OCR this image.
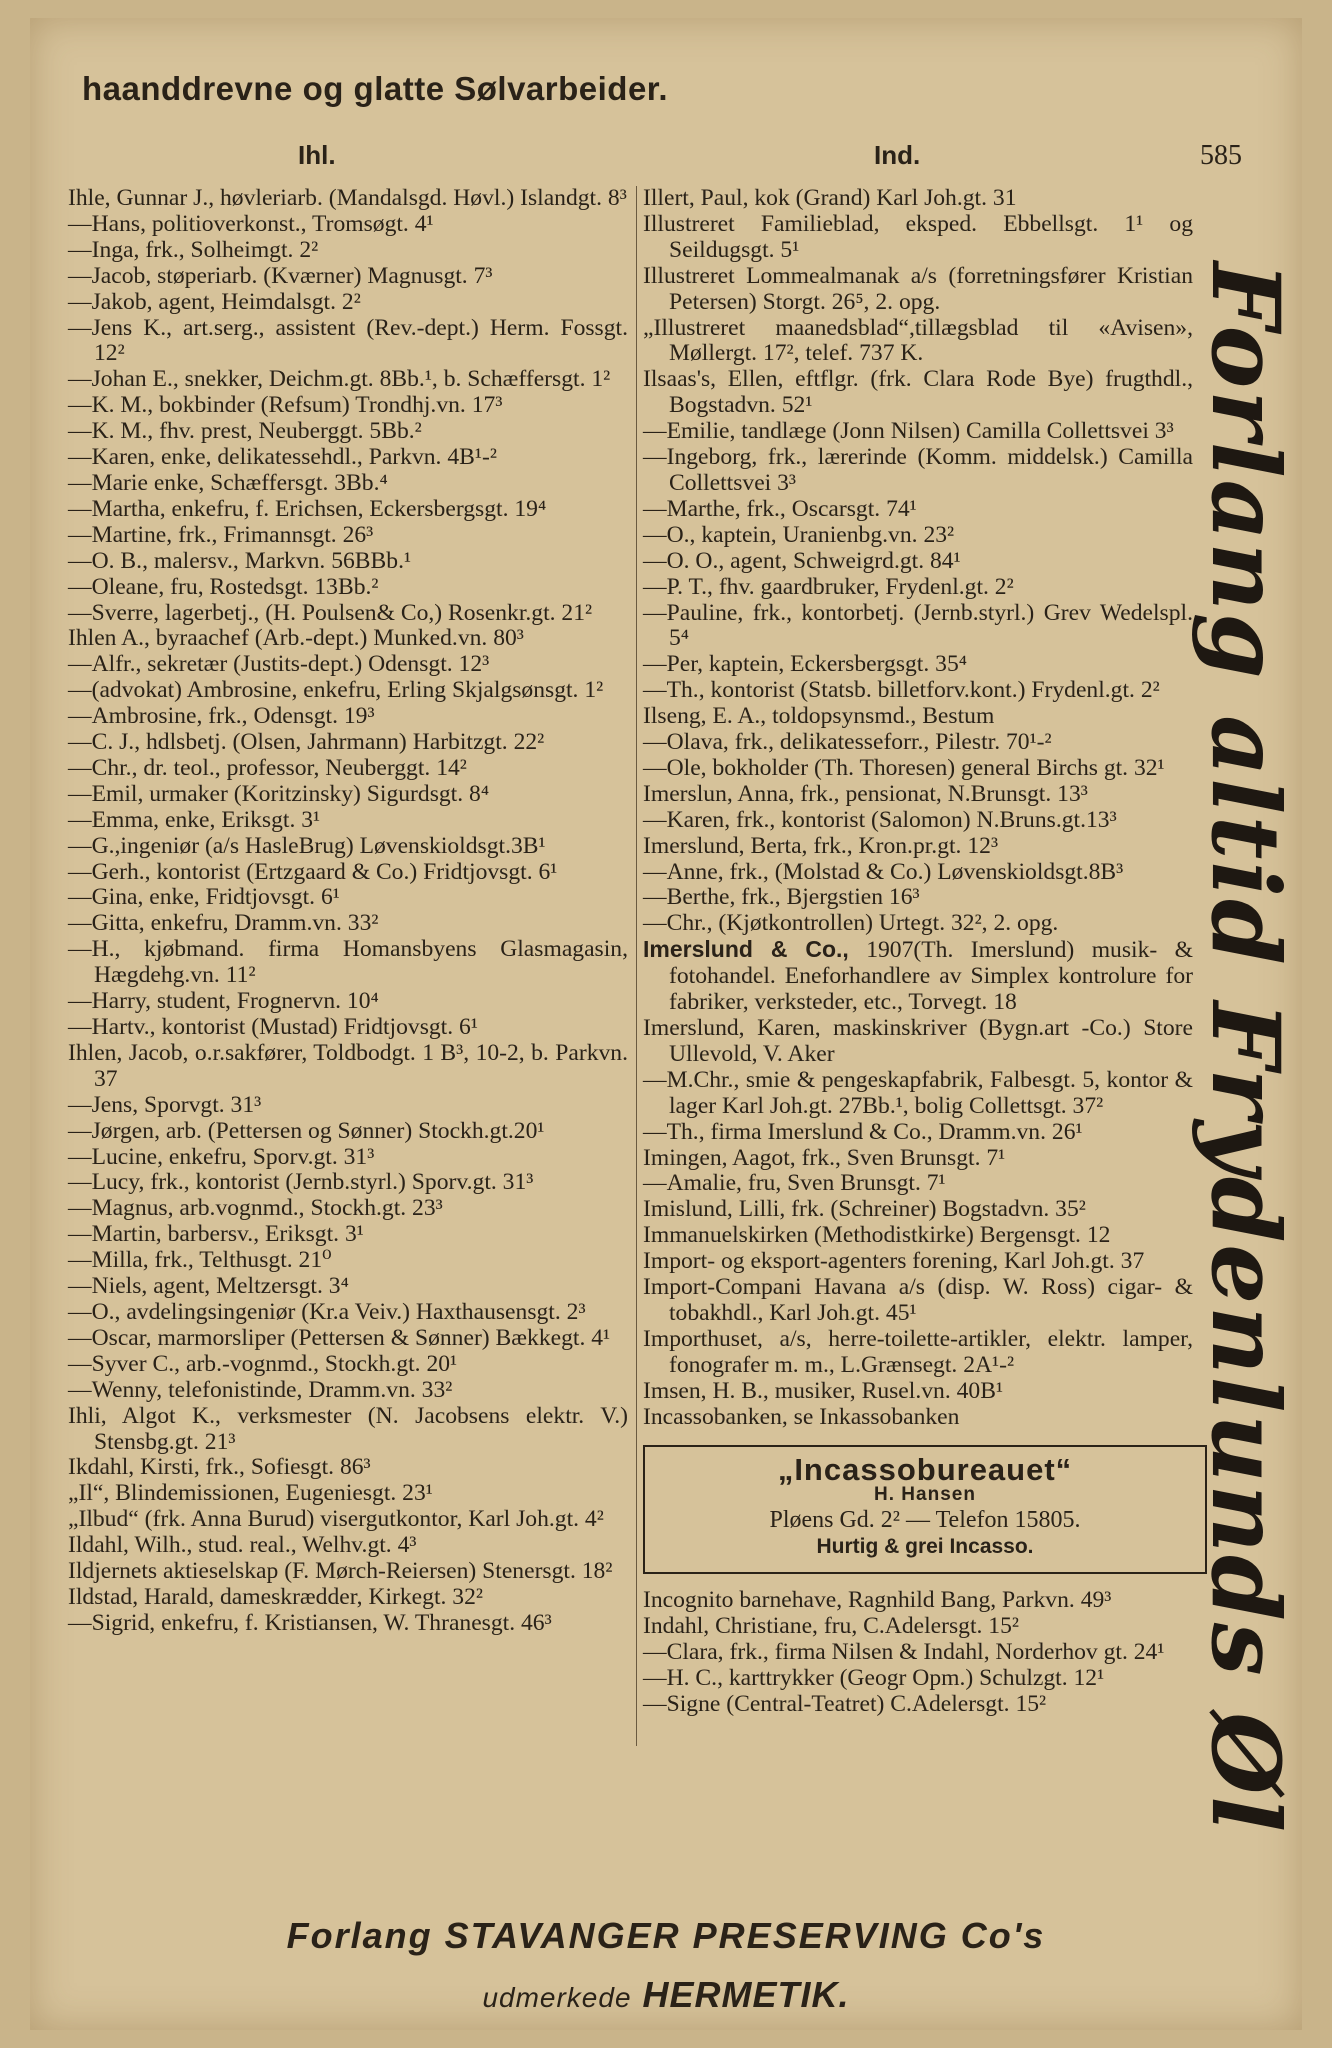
haanddrevne og glatte Sølvarbeider.
Ihl.	Ind.	585

Ihle, Gunnar J., høvleriarb. (Mandalsgd. Høvl.) Islandgt. 8³

—Hans, politioverkonst., Tromsøgt. 4¹

—Inga, frk., Solheimgt. 2²

—Jacob, støperiarb. (Kværner) Magnusgt. 7³

—Jakob, agent, Heimdalsgt. 2²

—Jens K., art.serg., assistent (Rev.-dept.) Herm. Fossgt. 12²

—Johan E., snekker, Deichm.gt. 8Bb.¹, b. Schæffersgt. 1²

—K. M., bokbinder (Refsum) Trondhj.vn. 17³

—K. M., fhv. prest, Neuberggt. 5Bb.²

—Karen, enke, delikatessehdl., Parkvn. 4B¹-²

—Marie enke, Schæffersgt. 3Bb.⁴

—Martha, enkefru, f. Erichsen, Eckersbergsgt. 19⁴

—Martine, frk., Frimannsgt. 26³

—O. B., malersv., Markvn. 56BBb.¹

—Oleane, fru, Rostedsgt. 13Bb.²

—Sverre, lagerbetj., (H. Poulsen& Co,) Rosenkr.gt. 21²

Ihlen A., byraachef (Arb.-dept.) Munked.vn. 80³

—Alfr., sekretær (Justits-dept.) Odensgt. 12³

—(advokat) Ambrosine, enkefru, Erling Skjalgsønsgt. 1²

—Ambrosine, frk., Odensgt. 19³

—C. J., hdlsbetj. (Olsen, Jahrmann) Harbitzgt. 22²

—Chr., dr. teol., professor, Neuberggt. 14²

—Emil, urmaker (Koritzinsky) Sigurdsgt. 8⁴

—Emma, enke, Eriksgt. 3¹

—G.,ingeniør (a/s HasleBrug) Løvenskioldsgt.3B¹

—Gerh., kontorist (Ertzgaard & Co.) Fridtjovsgt. 6¹

—Gina, enke, Fridtjovsgt. 6¹

—Gitta, enkefru, Dramm.vn. 33²

—H., kjøbmand. firma Homansbyens Glasmagasin, Hægdehg.vn. 11²

—Harry, student, Frognervn. 10⁴

—Hartv., kontorist (Mustad) Fridtjovsgt. 6¹

Ihlen, Jacob, o.r.sakfører, Toldbodgt. 1 B³, 10-2, b. Parkvn. 37

—Jens, Sporvgt. 31³

—Jørgen, arb. (Pettersen og Sønner) Stockh.gt.20¹

—Lucine, enkefru, Sporv.gt. 31³

—Lucy, frk., kontorist (Jernb.styrl.) Sporv.gt. 31³

—Magnus, arb.vognmd., Stockh.gt. 23³

—Martin, barbersv., Eriksgt. 3¹

—Milla, frk., Telthusgt. 21⁰

—Niels, agent, Meltzersgt. 3⁴

—O., avdelingsingeniør (Kr.a Veiv.) Haxthausensgt. 2³

—Oscar, marmorsliper (Pettersen & Sønner) Bækkegt. 4¹

—Syver C., arb.-vognmd., Stockh.gt. 20¹

—Wenny, telefonistinde, Dramm.vn. 33²

Ihli, Algot K., verksmester (N. Jacobsens elektr. V.) Stensbg.gt. 21³

Ikdahl, Kirsti, frk., Sofiesgt. 86³

„Il“, Blindemissionen, Eugeniesgt. 23¹

„Ilbud“ (frk. Anna Burud) visergutkontor, Karl Joh.gt. 4²

Ildahl, Wilh., stud. real., Welhv.gt. 4³

Ildjernets aktieselskap (F. Mørch-Reiersen) Stenersgt. 18²

Ildstad, Harald, dameskrædder, Kirkegt. 32²

—Sigrid, enkefru, f. Kristiansen, W. Thranesgt. 46³

Illert, Paul, kok (Grand) Karl Joh.gt. 31

Illustreret Familieblad, eksped. Ebbellsgt. 1¹ og Seildugsgt. 5¹

Illustreret Lommealmanak a/s (forretningsfører Kristian Petersen) Storgt. 26⁵, 2. opg.

„Illustreret maanedsblad“,tillægsblad til «Avisen», Møllergt. 17², telef. 737 K.

Ilsaas's, Ellen, eftflgr. (frk. Clara Rode Bye) frugthdl., Bogstadvn. 52¹

—Emilie, tandlæge (Jonn Nilsen) Camilla Collettsvei 3³

—Ingeborg, frk., lærerinde (Komm. middelsk.) Camilla Collettsvei 3³

—Marthe, frk., Oscarsgt. 74¹

—O., kaptein, Uranienbg.vn. 23²

—O. O., agent, Schweigrd.gt. 84¹

—P. T., fhv. gaardbruker, Frydenl.gt. 2²

—Pauline, frk., kontorbetj. (Jernb.styrl.) Grev Wedelspl. 5⁴

—Per, kaptein, Eckersbergsgt. 35⁴

—Th., kontorist (Statsb. billetforv.kont.) Frydenl.gt. 2²

Ilseng, E. A., toldopsynsmd., Bestum

—Olava, frk., delikatesseforr., Pilestr. 70¹-²

—Ole, bokholder (Th. Thoresen) general Birchs gt. 32¹

Imerslun, Anna, frk., pensionat, N.Brunsgt. 13³

—Karen, frk., kontorist (Salomon) N.Bruns.gt.13³

Imerslund, Berta, frk., Kron.pr.gt. 12³

—Anne, frk., (Molstad & Co.) Løvenskioldsgt.8B³

—Berthe, frk., Bjergstien 16³

—Chr., (Kjøtkontrollen) Urtegt. 32², 2. opg.

Imerslund & Co., 1907(Th. Imerslund) musik- & fotohandel. Eneforhandlere av Simplex kontrolure for fabriker, verksteder, etc., Torvegt. 18

Imerslund, Karen, maskinskriver (Bygn.art -Co.) Store Ullevold, V. Aker

—M.Chr., smie & pengeskapfabrik, Falbesgt. 5, kontor & lager Karl Joh.gt. 27Bb.¹, bolig Collettsgt. 37²

—Th., firma Imerslund & Co., Dramm.vn. 26¹

Imingen, Aagot, frk., Sven Brunsgt. 7¹

—Amalie, fru, Sven Brunsgt. 7¹

Imislund, Lilli, frk. (Schreiner) Bogstadvn. 35²

Immanuelskirken (Methodistkirke) Bergensgt. 12

Import- og eksport-agenters forening, Karl Joh.gt. 37

Import-Compani Havana a/s (disp. W. Ross) cigar- & tobakhdl., Karl Joh.gt. 45¹

Importhuset, a/s, herre-toilette-artikler, elektr. lamper, fonografer m. m., L.Grænsegt. 2A¹-²

Imsen, H. B., musiker, Rusel.vn. 40B¹

Incassobanken, se Inkassobanken

„Incassobureauet“
H. Hansen
Pløens Gd. 2² — Telefon 15805.
Hurtig & grei Incasso.

Incognito barnehave, Ragnhild Bang, Parkvn. 49³

Indahl, Christiane, fru, C.Adelersgt. 15²

—Clara, frk., firma Nilsen & Indahl, Norderhov gt. 24¹

—H. C., karttrykker (Geogr Opm.) Schulzgt. 12¹

—Signe (Central-Teatret) C.Adelersgt. 15²	Forlang altid Frydenlunds Øl
Forlang STAVANGER PRESERVING Co's
udmerkede HERMETIK.
